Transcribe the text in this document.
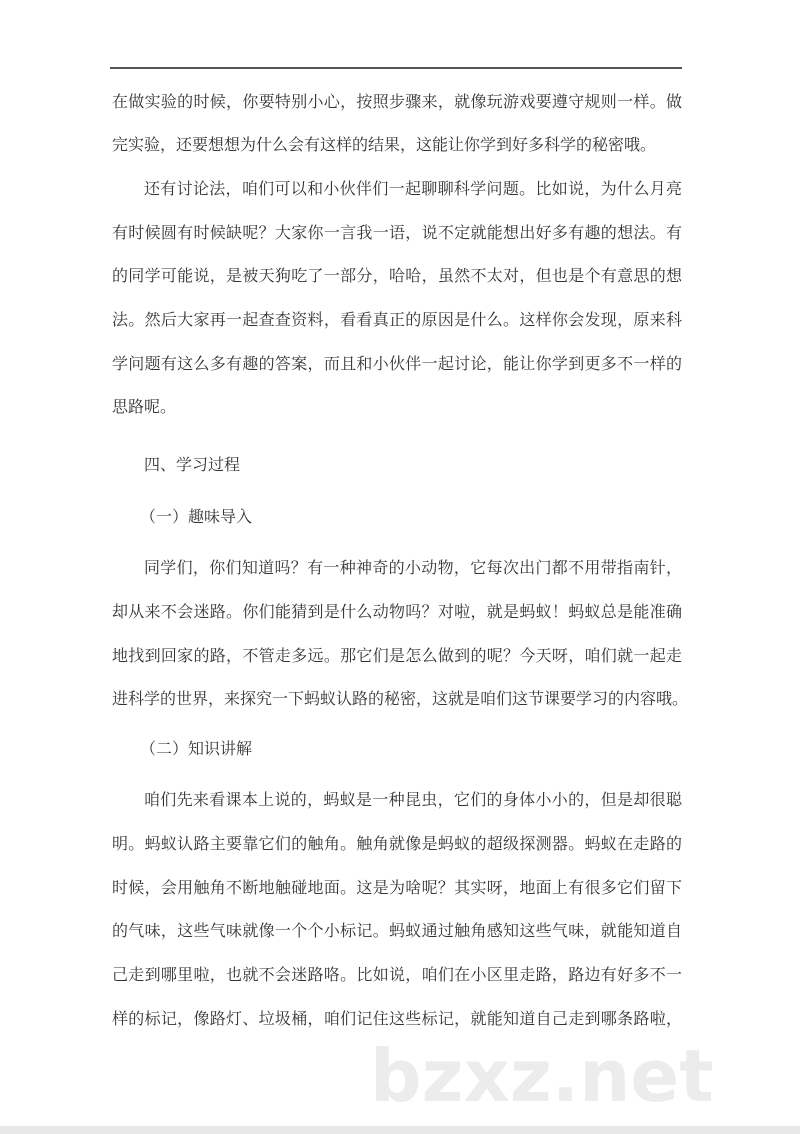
在做实验的时候，你要特别小心，按照步骤来，就像玩游戏要遵守规则一样。做
完实验，还要想想为什么会有这样的结果，这能让你学到好多科学的秘密哦。
还有讨论法，咱们可以和小伙伴们一起聊聊科学问题。比如说，为什么月亮
有时候圆有时候缺呢？大家你一言我一语，说不定就能想出好多有趣的想法。有
的同学可能说，是被天狗吃了一部分，哈哈，虽然不太对，但也是个有意思的想
法。然后大家再一起查查资料，看看真正的原因是什么。这样你会发现，原来科
学问题有这么多有趣的答案，而且和小伙伴一起讨论，能让你学到更多不一样的
思路呢。
四、学习过程
（一）趣味导入
同学们，你们知道吗？有一种神奇的小动物，它每次出门都不用带指南针，
却从来不会迷路。你们能猜到是什么动物吗？对啦，就是蚂蚁！蚂蚁总是能准确
地找到回家的路，不管走多远。那它们是怎么做到的呢？今天呀，咱们就一起走
进科学的世界，来探究一下蚂蚁认路的秘密，这就是咱们这节课要学习的内容哦。
（二）知识讲解
咱们先来看课本上说的，蚂蚁是一种昆虫，它们的身体小小的，但是却很聪
明。蚂蚁认路主要靠它们的触角。触角就像是蚂蚁的超级探测器。蚂蚁在走路的
时候，会用触角不断地触碰地面。这是为啥呢？其实呀，地面上有很多它们留下
的气味，这些气味就像一个个小标记。蚂蚁通过触角感知这些气味，就能知道自
己走到哪里啦，也就不会迷路咯。比如说，咱们在小区里走路，路边有好多不一
样的标记，像路灯、垃圾桶，咱们记住这些标记，就能知道自己走到哪条路啦，
bzxz.net
